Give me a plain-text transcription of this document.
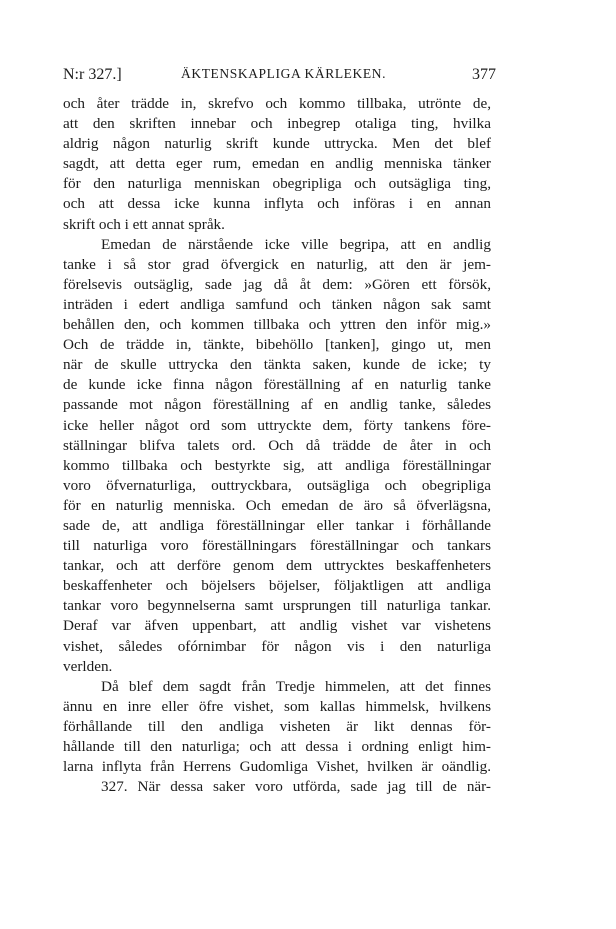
N:r 327.]	ÄKTENSKAPLIGA KÄRLEKEN.	377
och åter trädde in, skrefvo och kommo tillbaka, utrönte de,
att den skriften innebar och inbegrep otaliga ting, hvilka
aldrig någon naturlig skrift kunde uttrycka. Men det blef
sagdt, att detta eger rum, emedan en andlig menniska tänker
för den naturliga menniskan obegripliga och outsägliga ting,
och att dessa icke kunna inflyta och införas i en annan
skrift och i ett annat språk.
Emedan de närstående icke ville begripa, att en andlig
tanke i så stor grad öfvergick en naturlig, att den är jem-
förelsevis outsäglig, sade jag då åt dem: »Gören ett försök,
inträden i edert andliga samfund och tänken någon sak samt
behållen den, och kommen tillbaka och yttren den inför mig.»
Och de trädde in, tänkte, bibehöllo [tanken], gingo ut, men
när de skulle uttrycka den tänkta saken, kunde de icke; ty
de kunde icke finna någon föreställning af en naturlig tanke
passande mot någon föreställning af en andlig tanke, således
icke heller något ord som uttryckte dem, förty tankens före-
ställningar blifva talets ord. Och då trädde de åter in och
kommo tillbaka och bestyrkte sig, att andliga föreställningar
voro öfvernaturliga, outtryckbara, outsägliga och obegripliga
för en naturlig menniska. Och emedan de äro så öfverlägsna,
sade de, att andliga föreställningar eller tankar i förhållande
till naturliga voro föreställningars föreställningar och tankars
tankar, och att derföre genom dem uttrycktes beskaffenheters
beskaffenheter och böjelsers böjelser, följaktligen att andliga
tankar voro begynnelserna samt ursprungen till naturliga tankar.
Deraf var äfven uppenbart, att andlig vishet var vishetens
vishet, således ofórnimbar för någon vis i den naturliga
verlden.
Då blef dem sagdt från Tredje himmelen, att det finnes
ännu en inre eller öfre vishet, som kallas himmelsk, hvilkens
förhållande till den andliga visheten är likt dennas för-
hållande till den naturliga; och att dessa i ordning enligt him-
larna inflyta från Herrens Gudomliga Vishet, hvilken är oändlig.
327. När dessa saker voro utförda, sade jag till de när-
